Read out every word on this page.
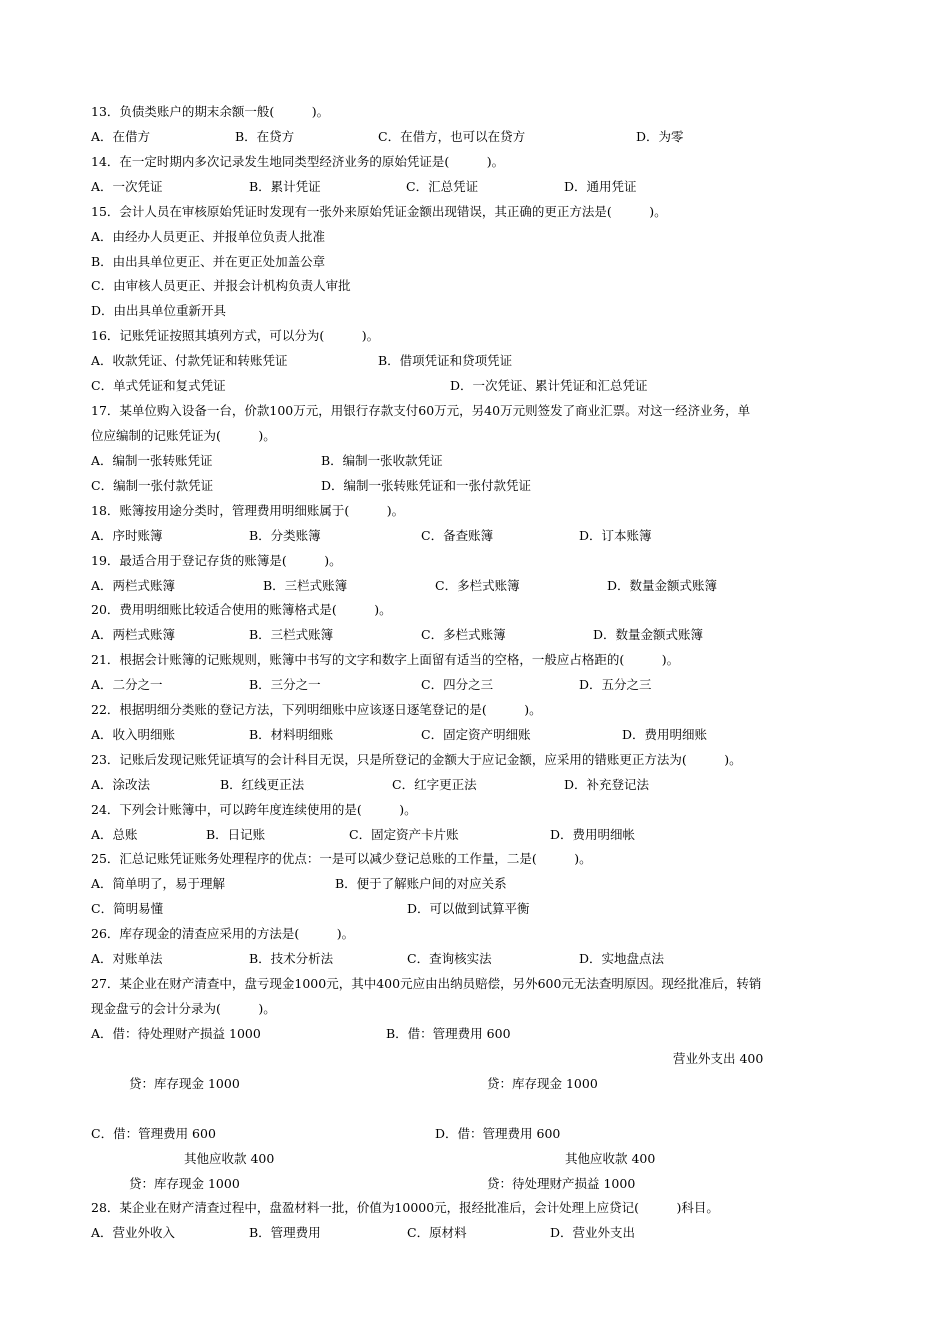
13．负债类账户的期末余额一般(　　　)。
A．在借方	B．在贷方	C．在借方，也可以在贷方	D．为零
14．在一定时期内多次记录发生地同类型经济业务的原始凭证是(　　　)。
A．一次凭证	B．累计凭证	C．汇总凭证	D．通用凭证
15．会计人员在审核原始凭证时发现有一张外来原始凭证金额出现错误，其正确的更正方法是(　　　)。
A．由经办人员更正、并报单位负责人批准
B．由出具单位更正、并在更正处加盖公章
C．由审核人员更正、并报会计机构负责人审批
D．由出具单位重新开具
16．记账凭证按照其填列方式，可以分为(　　　)。
A．收款凭证、付款凭证和转账凭证	B．借项凭证和贷项凭证
C．单式凭证和复式凭证	D．一次凭证、累计凭证和汇总凭证
17．某单位购入设备一台，价款100万元，用银行存款支付60万元，另40万元则签发了商业汇票。对这一经济业务，单
位应编制的记账凭证为(　　　)。
A．编制一张转账凭证	B．编制一张收款凭证
C．编制一张付款凭证	D．编制一张转账凭证和一张付款凭证
18．账簿按用途分类时，管理费用明细账属于(　　　)。
A．序时账簿	B．分类账簿	C．备查账簿	D．订本账簿
19．最适合用于登记存货的账簿是(　　　)。
A．两栏式账簿	B．三栏式账簿	C．多栏式账簿	D．数量金额式账簿
20．费用明细账比较适合使用的账簿格式是(　　　)。
A．两栏式账簿	B．三栏式账簿	C．多栏式账簿	D．数量金额式账簿
21．根据会计账簿的记账规则，账簿中书写的文字和数字上面留有适当的空格，一般应占格距的(　　　)。
A．二分之一	B．三分之一	C．四分之三	D．五分之三
22．根据明细分类账的登记方法，下列明细账中应该逐日逐笔登记的是(　　　)。
A．收入明细账	B．材料明细账	C．固定资产明细账	D．费用明细账
23．记账后发现记账凭证填写的会计科目无误，只是所登记的金额大于应记金额，应采用的错账更正方法为(　　　)。
A．涂改法	B．红线更正法	C．红字更正法	D．补充登记法
24．下列会计账簿中，可以跨年度连续使用的是(　　　)。
A．总账	B．日记账	C．固定资产卡片账	D．费用明细帐
25．汇总记账凭证账务处理程序的优点：一是可以减少登记总账的工作量，二是(　　　)。
A．简单明了，易于理解	B．便于了解账户间的对应关系
C．简明易懂	D．可以做到试算平衡
26．库存现金的清查应采用的方法是(　　　)。
A．对账单法	B．技术分析法	C．查询核实法	D．实地盘点法
27．某企业在财产清查中，盘亏现金1000元，其中400元应由出纳员赔偿，另外600元无法查明原因。现经批准后，转销
现金盘亏的会计分录为(　　　)。
A．借：待处理财产损益 1000	B．借：管理费用 600
营业外支出 400
贷：库存现金 1000	贷：库存现金 1000
C．借：管理费用 600	D．借：管理费用 600
其他应收款 400	其他应收款 400
贷：库存现金 1000	贷：待处理财产损益 1000
28．某企业在财产清查过程中，盘盈材料一批，价值为10000元，报经批准后，会计处理上应贷记(　　　)科目。
A．营业外收入	B．管理费用	C．原材料	D．营业外支出
